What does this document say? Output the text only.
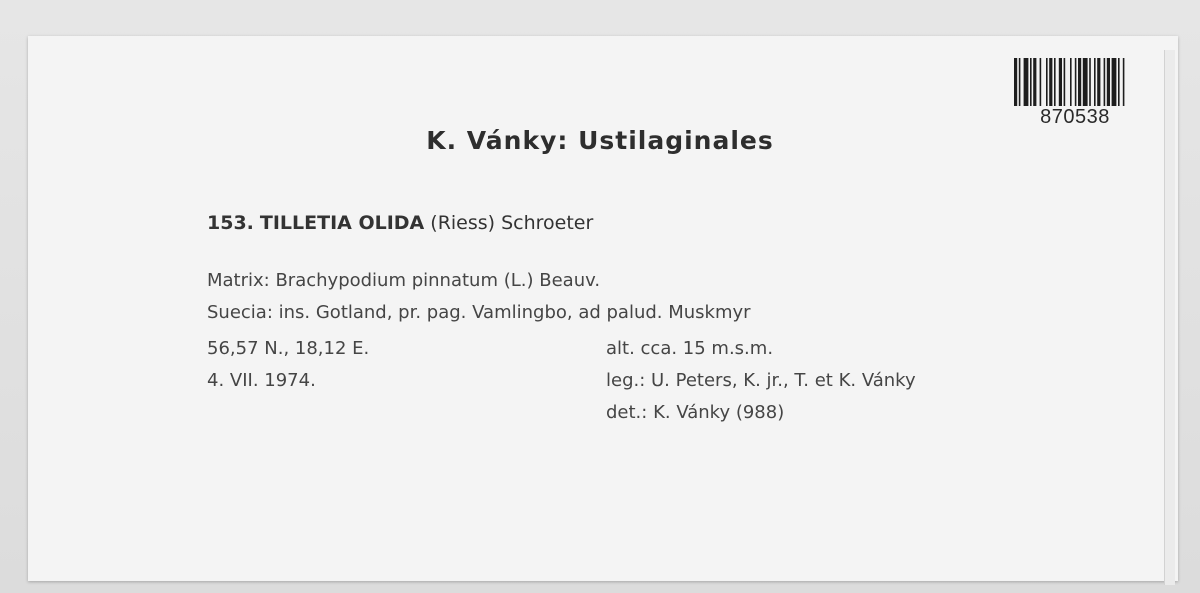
870538
K. Vánky: Ustilaginales
153. TILLETIA OLIDA (Riess) Schroeter
Matrix: Brachypodium pinnatum (L.) Beauv.
Suecia: ins. Gotland, pr. pag. Vamlingbo, ad palud. Muskmyr
56,57 N., 18,12 E.	alt. cca. 15 m.s.m.
4. VII. 1974.	leg.: U. Peters, K. jr., T. et K. Vánky
det.: K. Vánky (988)
